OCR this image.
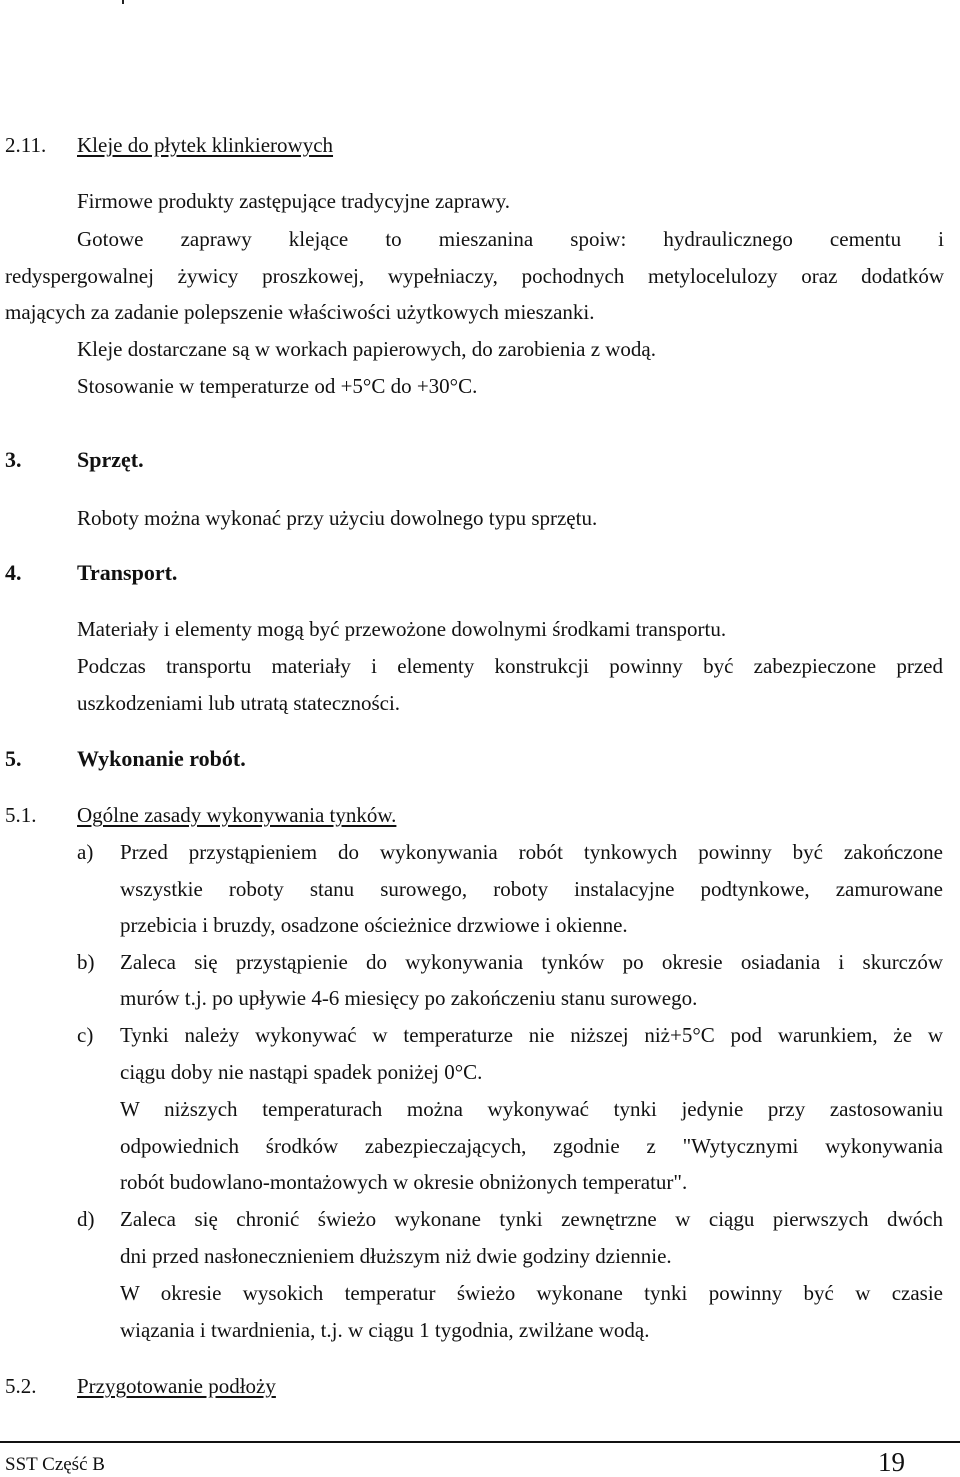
2.11. Kleje do płytek klinkierowych
Firmowe produkty zastępujące tradycyjne zaprawy.
Gotowe zaprawy klejące to mieszanina spoiw: hydraulicznego cementu i
redyspergowalnej żywicy proszkowej, wypełniaczy, pochodnych metylocelulozy oraz dodatków
mających za zadanie polepszenie właściwości użytkowych mieszanki.
Kleje dostarczane są w workach papierowych, do zarobienia z wodą.
Stosowanie w temperaturze od +5°C do +30°C.
3.	Sprzęt.
Roboty można wykonać przy użyciu dowolnego typu sprzętu.
4.	Transport.
Materiały i elementy mogą być przewożone dowolnymi środkami transportu.
Podczas transportu materiały i elementy konstrukcji powinny być zabezpieczone przed
uszkodzeniami lub utratą stateczności.
5.	Wykonanie robót.
5.1. Ogólne zasady wykonywania tynków.
a) Przed przystąpieniem do wykonywania robót tynkowych powinny być zakończone
wszystkie roboty stanu surowego, roboty instalacyjne podtynkowe, zamurowane
przebicia i bruzdy, osadzone ościeżnice drzwiowe i okienne.
b) Zaleca się przystąpienie do wykonywania tynków po okresie osiadania i skurczów
murów t.j. po upływie 4-6 miesięcy po zakończeniu stanu surowego.
c) Tynki należy wykonywać w temperaturze nie niższej niż+5°C pod warunkiem, że w
ciągu doby nie nastąpi spadek poniżej 0°C.
W niższych temperaturach można wykonywać tynki jedynie przy zastosowaniu
odpowiednich środków zabezpieczających, zgodnie z "Wytycznymi wykonywania
robót budowlano-montażowych w okresie obniżonych temperatur".
d) Zaleca się chronić świeżo wykonane tynki zewnętrzne w ciągu pierwszych dwóch
dni przed nasłonecznieniem dłuższym niż dwie godziny dziennie.
W okresie wysokich temperatur świeżo wykonane tynki powinny być w czasie
wiązania i twardnienia, t.j. w ciągu 1 tygodnia, zwilżane wodą.
5.2. Przygotowanie podłoży
SST Część B	19
